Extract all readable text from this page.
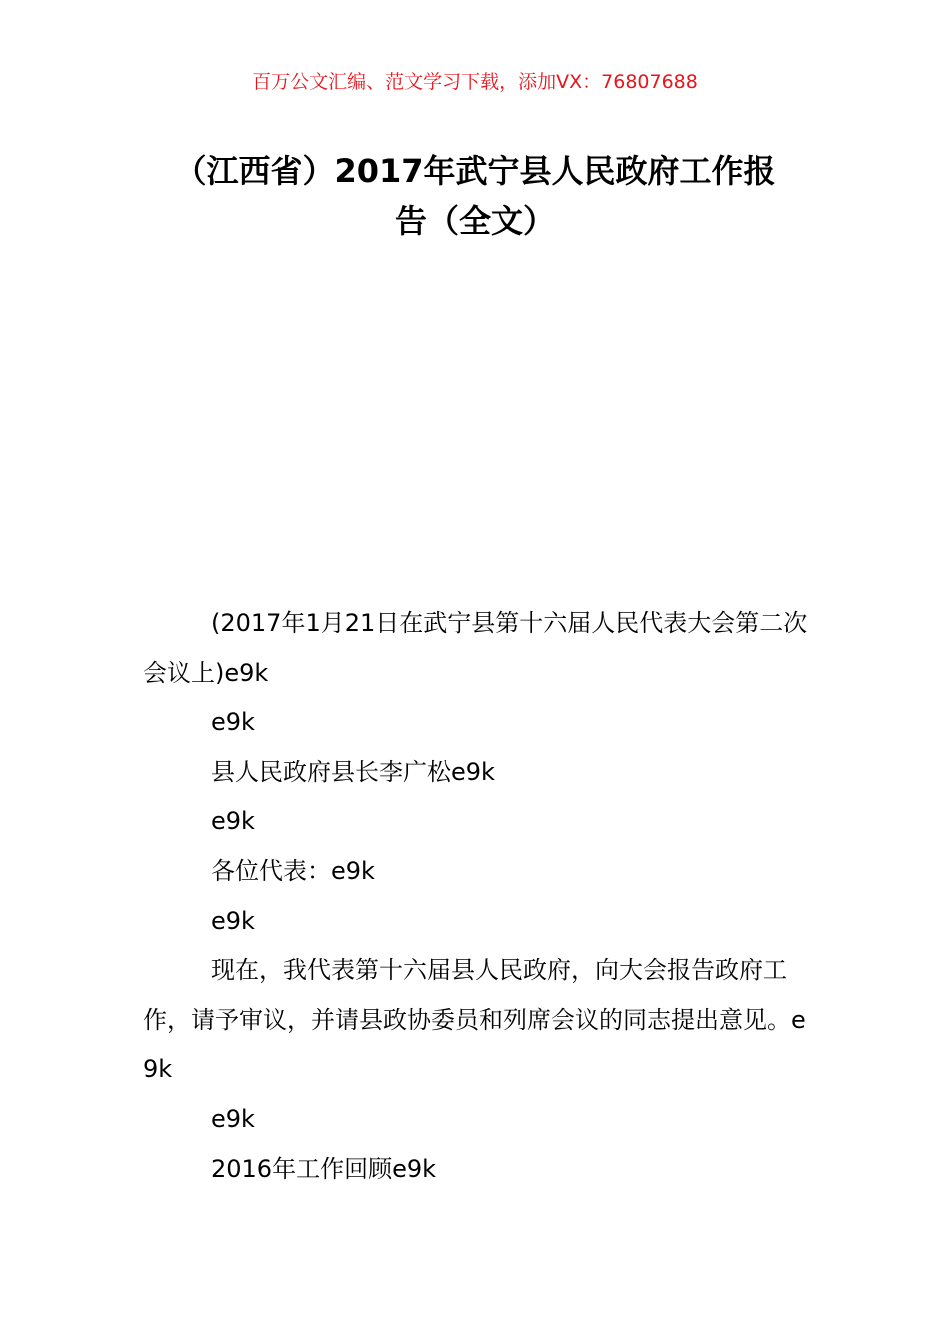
百万公文汇编、范文学习下载，添加VX：76807688
（江西省）2017年武宁县人民政府工作报
告（全文）

(2017年1月21日在武宁县第十六届人民代表大会第二次会议上)e9k

e9k

县人民政府县长李广松e9k

e9k

各位代表：e9k

e9k

现在，我代表第十六届县人民政府，向大会报告政府工作，请予审议，并请县政协委员和列席会议的同志提出意见。e9k

e9k

2016年工作回顾e9k
